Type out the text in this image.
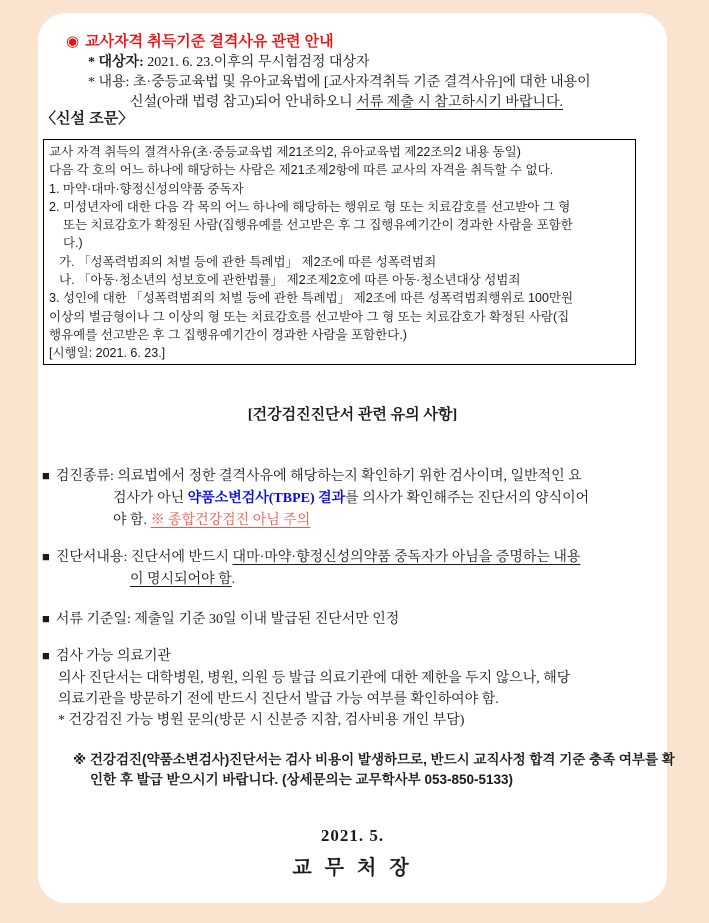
◉ 교사자격 취득기준 결격사유 관련 안내
* 대상자: 2021. 6. 23.이후의 무시험검정 대상자
* 내용: 초·중등교육법 및 유아교육법에 [교사자격취득 기준 결격사유]에 대한 내용이
신설(아래 법령 참고)되어 안내하오니 서류 제출 시 참고하시기 바랍니다.
〈신설 조문〉
교사 자격 취득의 결격사유(초·중등교육법 제21조의2, 유아교육법 제22조의2 내용 동일)
다음 각 호의 어느 하나에 해당하는 사람은 제21조제2항에 따른 교사의 자격을 취득할 수 없다.
1. 마약·대마·향정신성의약품 중독자
2. 미성년자에 대한 다음 각 목의 어느 하나에 해당하는 행위로 형 또는 치료감호를 선고받아 그 형
또는 치료감호가 확정된 사람(집행유예를 선고받은 후 그 집행유예기간이 경과한 사람을 포함한
다.)
가. 「성폭력범죄의 처벌 등에 관한 특례법」 제2조에 따른 성폭력범죄
나. 「아동·청소년의 성보호에 관한법률」 제2조제2호에 따른 아동·청소년대상 성범죄
3. 성인에 대한 「성폭력범죄의 처벌 등에 관한 특례법」 제2조에 따른 성폭력범죄행위로 100만원
이상의 벌금형이나 그 이상의 형 또는 치료감호를 선고받아 그 형 또는 치료감호가 확정된 사람(집
행유예를 선고받은 후 그 집행유예기간이 경과한 사람을 포함한다.)
[시행일: 2021. 6. 23.]
[건강검진진단서 관련 유의 사항]
■ 검진종류: 의료법에서 정한 결격사유에 해당하는지 확인하기 위한 검사이며, 일반적인 요
검사가 아닌 약품소변검사(TBPE) 결과를 의사가 확인해주는 진단서의 양식이어
야 함. ※ 종합건강검진 아님 주의
■ 진단서내용: 진단서에 반드시 대마·마약·향정신성의약품 중독자가 아님을 증명하는 내용
이 명시되어야 함.
■ 서류 기준일: 제출일 기준 30일 이내 발급된 진단서만 인정
■ 검사 가능 의료기관
의사 진단서는 대학병원, 병원, 의원 등 발급 의료기관에 대한 제한을 두지 않으나, 해당
의료기관을 방문하기 전에 반드시 진단서 발급 가능 여부를 확인하여야 함.
* 건강검진 가능 병원 문의(방문 시 신분증 지참, 검사비용 개인 부담)
※ 건강검진(약품소변검사)진단서는 검사 비용이 발생하므로, 반드시 교직사정 합격 기준 충족 여부를 확
인한 후 발급 받으시기 바랍니다. (상세문의는 교무학사부 053-850-5133)
2021. 5.
교 무 처 장
